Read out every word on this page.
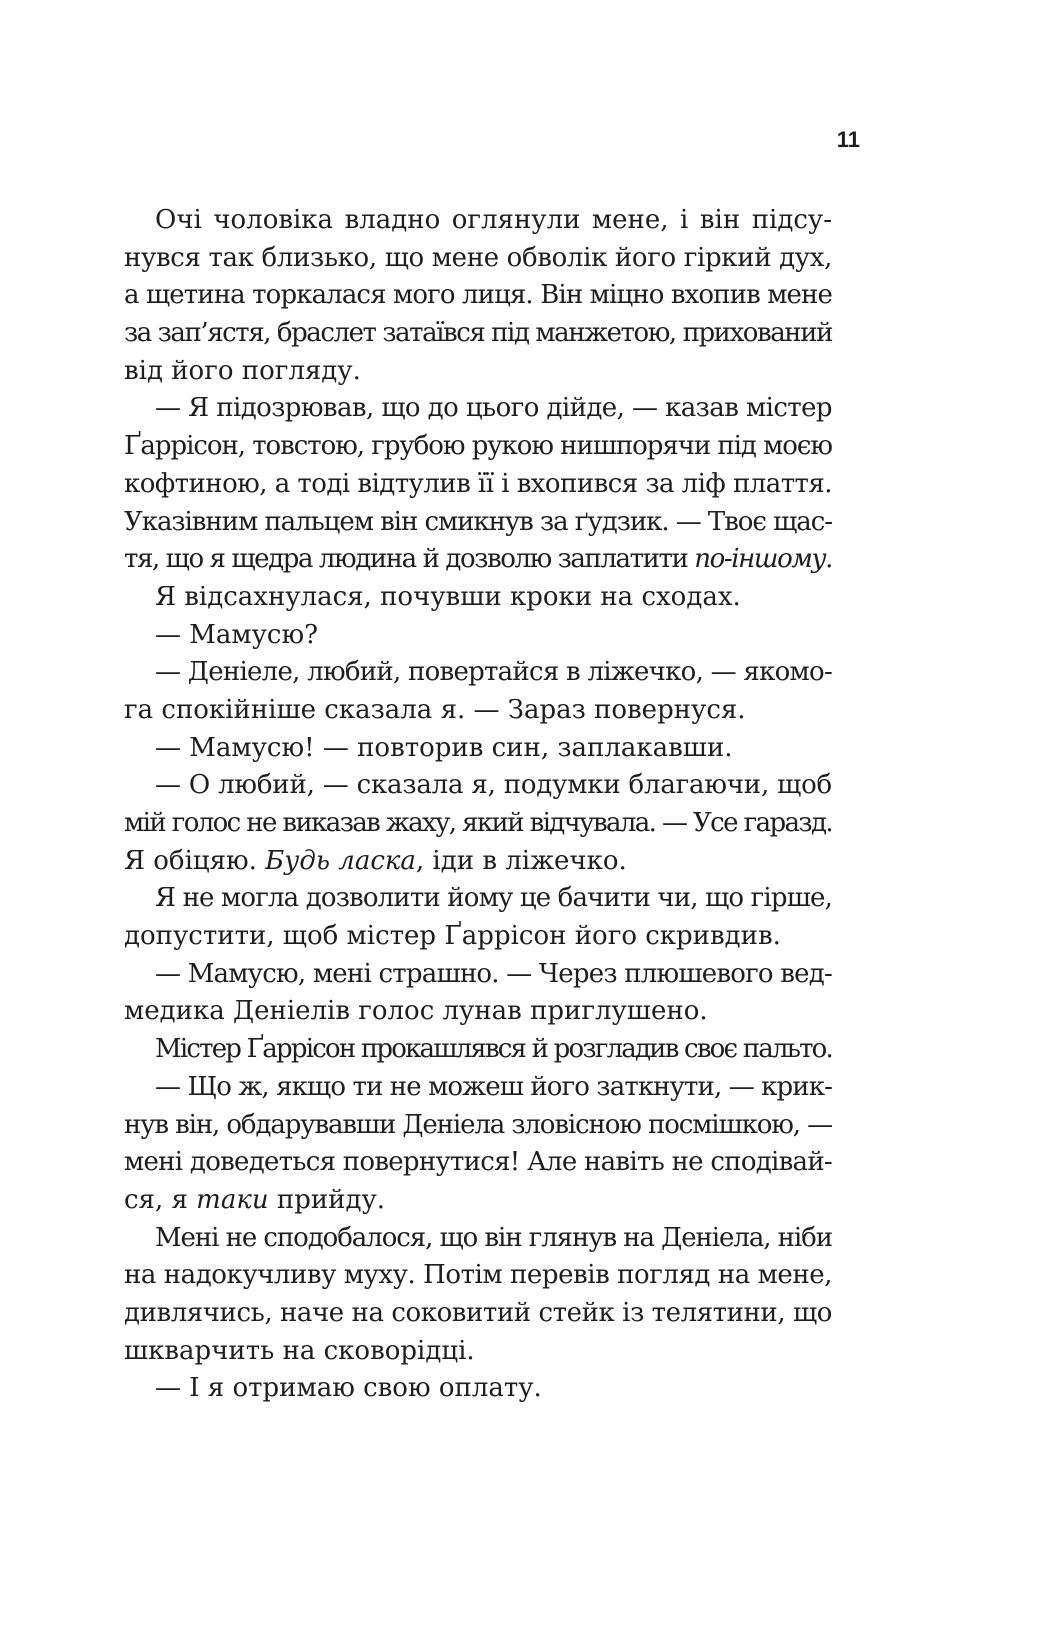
11
Очі чоловіка владно оглянули мене, і він підсу-
нувся так близько, що мене обволік його гіркий дух,
а щетина торкалася мого лиця. Він міцно вхопив мене
за зап’ястя, браслет затаївся під манжетою, прихований
від його погляду.
— Я підозрював, що до цього дійде, — казав містер
Ґаррісон, товстою, грубою рукою нишпорячи під моєю
кофтиною, а тоді відтулив її і вхопився за ліф плаття.
Указівним пальцем він смикнув за ґудзик. — Твоє щас-
тя, що я щедра людина й дозволю заплатити по-іншому.
Я відсахнулася, почувши кроки на сходах.
— Мамусю?
— Деніеле, любий, повертайся в ліжечко, — якомо-
га спокійніше сказала я. — Зараз повернуся.
— Мамусю! — повторив син, заплакавши.
— О любий, — сказала я, подумки благаючи, щоб
мій голос не виказав жаху, який відчувала. — Усе гаразд.
Я обіцяю. Будь ласка, іди в ліжечко.
Я не могла дозволити йому це бачити чи, що гірше,
допустити, щоб містер Ґаррісон його скривдив.
— Мамусю, мені страшно. — Через плюшевого вед-
медика Деніелів голос лунав приглушено.
Містер Ґаррісон прокашлявся й розгладив своє пальто.
— Що ж, якщо ти не можеш його заткнути, — крик-
нув він, обдарувавши Деніела зловісною посмішкою, —
мені доведеться повернутися! Але навіть не сподівай-
ся, я таки прийду.
Мені не сподобалося, що він глянув на Деніела, ніби
на надокучливу муху. Потім перевів погляд на мене,
дивлячись, наче на соковитий стейк із телятини, що
шкварчить на сковорідці.
— І я отримаю свою оплату.
